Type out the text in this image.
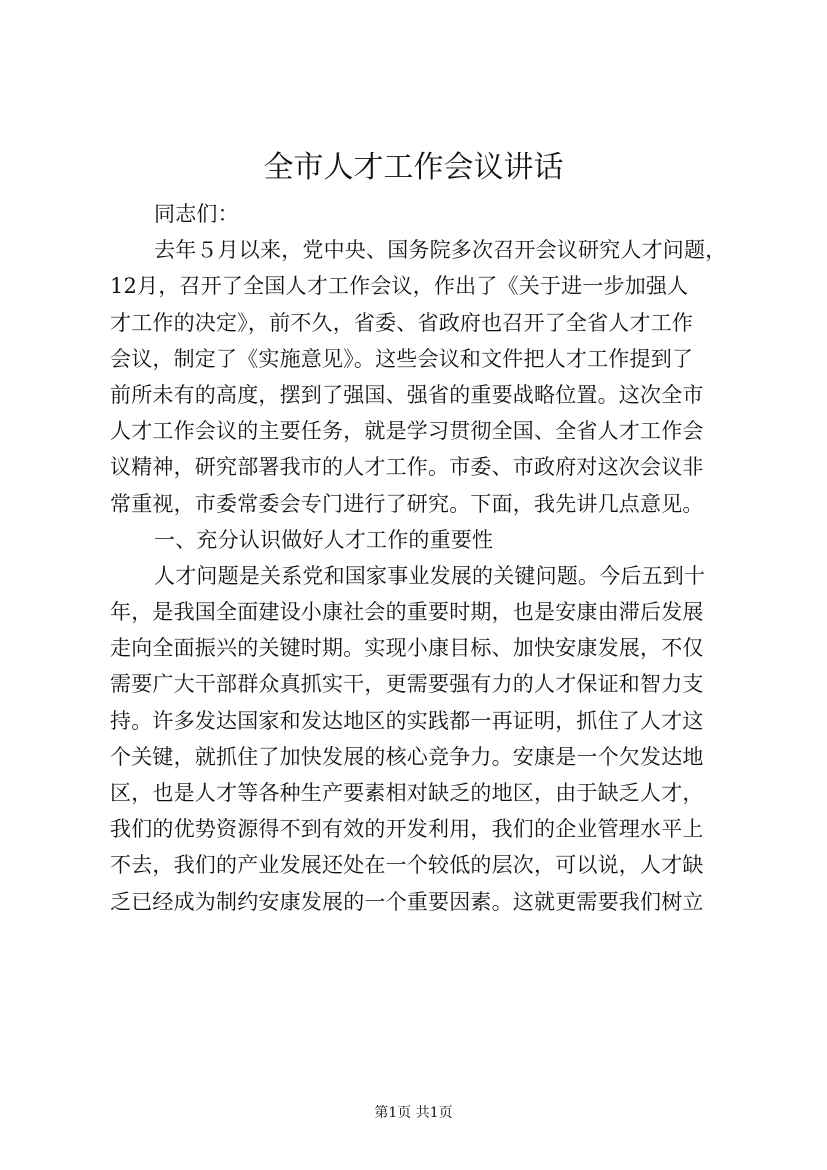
全市人才工作会议讲话
同志们：
去年５月以来，党中央、国务院多次召开会议研究人才问题，
12月，召开了全国人才工作会议，作出了《关于进一步加强人
才工作的决定》，前不久，省委、省政府也召开了全省人才工作
会议，制定了《实施意见》。这些会议和文件把人才工作提到了
前所未有的高度，摆到了强国、强省的重要战略位置。这次全市
人才工作会议的主要任务，就是学习贯彻全国、全省人才工作会
议精神，研究部署我市的人才工作。市委、市政府对这次会议非
常重视，市委常委会专门进行了研究。下面，我先讲几点意见。
一、充分认识做好人才工作的重要性
人才问题是关系党和国家事业发展的关键问题。今后五到十
年，是我国全面建设小康社会的重要时期，也是安康由滞后发展
走向全面振兴的关键时期。实现小康目标、加快安康发展，不仅
需要广大干部群众真抓实干，更需要强有力的人才保证和智力支
持。许多发达国家和发达地区的实践都一再证明，抓住了人才这
个关键，就抓住了加快发展的核心竞争力。安康是一个欠发达地
区，也是人才等各种生产要素相对缺乏的地区，由于缺乏人才，
我们的优势资源得不到有效的开发利用，我们的企业管理水平上
不去，我们的产业发展还处在一个较低的层次，可以说，人才缺
乏已经成为制约安康发展的一个重要因素。这就更需要我们树立
第1页 共1页
